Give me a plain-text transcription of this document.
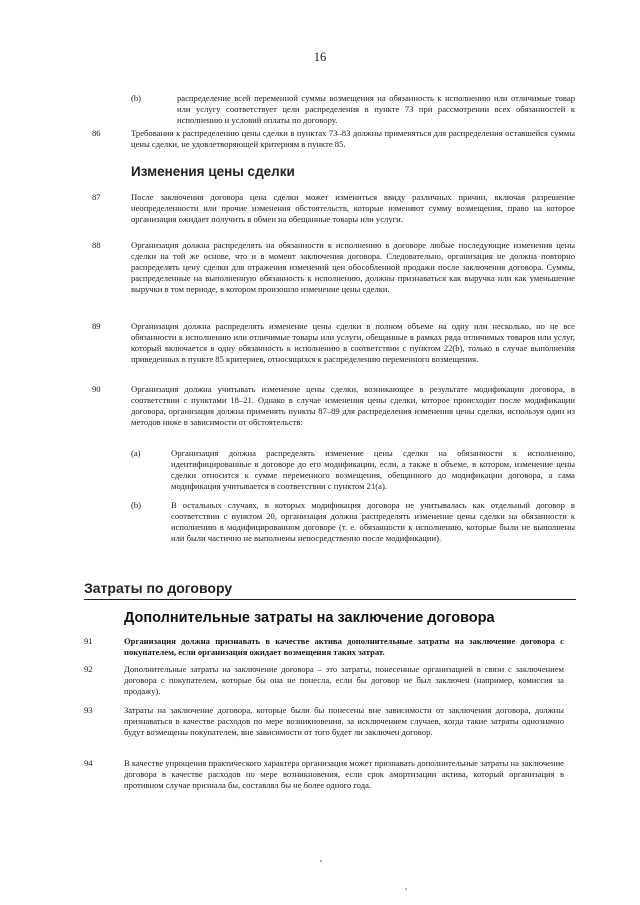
16
(b)	распределение всей переменной суммы возмещения на обязанность к исполнению или отличимые товар или услугу соответствует цели распределения в пункте 73 при рассмотрении всех обязанностей к исполнению и условий оплаты по договору.
86	Требования к распределению цены сделки в пунктах 73–83 должны применяться для распределения оставшейся суммы цены сделки, не удовлетворяющей критериям в пункте 85.
Изменения цены сделки
87	После заключения договора цена сделки может измениться ввиду различных причин, включая разрешение неопределенности или прочие изменения обстоятельств, которые изменяют сумму возмещения, право на которое организация ожидает получить в обмен на обещанные товары или услуги.
88	Организация должна распределять на обязанности к исполнению в договоре любые последующие изменения цены сделки на той же основе, что и в момент заключения договора. Следовательно, организация не должна повторно распределять цену сделки для отражения изменений цен обособленной продажи после заключения договора. Суммы, распределенные на выполненную обязанность к исполнению, должны признаваться как выручка или как уменьшение выручки в том периоде, в котором произошло изменение цены сделки.
89	Организация должна распределять изменение цены сделки в полном объеме на одну или несколько, но не все обязанности к исполнению или отличимые товары или услуги, обещанные в рамках ряда отличимых товаров или услуг, который включается в одну обязанность к исполнению в соответствии с пунктом 22(b), только в случае выполнения приведенных в пункте 85 критериев, относящихся к распределению переменного возмещения.
90	Организация должна учитывать изменение цены сделки, возникающее в результате модификации договора, в соответствии с пунктами 18–21. Однако в случае изменения цены сделки, которое происходит после модификации договора, организация должна применять пункты 87–89 для распределения изменения цены сделки, используя один из методов ниже в зависимости от обстоятельств:
(a)	Организация должна распределять изменение цены сделки на обязанности к исполнению, идентифицированные в договоре до его модификации, если, а также в объеме, в котором, изменение цены сделки относится к сумме переменного возмещения, обещанного до модификации договора, а сама модификация учитывается в соответствии с пунктом 21(a).
(b)	В остальных случаях, в которых модификация договора не учитывалась как отдельный договор в соответствии с пунктом 20, организация должна распределять изменение цены сделки на обязанности к исполнению в модифицированном договоре (т. е. обязанности к исполнению, которые были не выполнены или были частично не выполнены непосредственно после модификации).
Затраты по договору
Дополнительные затраты на заключение договора
91	Организация должна признавать в качестве актива дополнительные затраты на заключение договора с покупателем, если организация ожидает возмещения таких затрат.
92	Дополнительные затраты на заключение договора – это затраты, понесенные организацией в связи с заключением договора с покупателем, которые бы она не понесла, если бы договор не был заключен (например, комиссия за продажу).
93	Затраты на заключение договора, которые были бы понесены вне зависимости от заключения договора, должны признаваться в качестве расходов по мере возникновения, за исключением случаев, когда такие затраты однозначно будут возмещены покупателем, вне зависимости от того будет ли заключен договор.
94	В качестве упрощения практического характера организация может признавать дополнительные затраты на заключение договора в качестве расходов по мере возникновения, если срок амортизации актива, который организация в противном случае признала бы, составлял бы не более одного года.
